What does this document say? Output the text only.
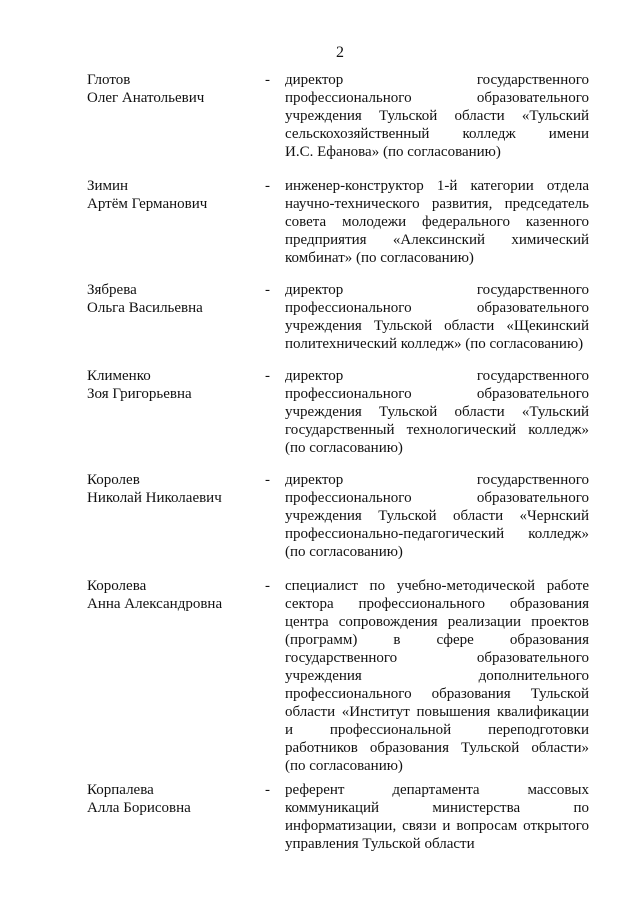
2
Глотов
Олег Анатольевич
- директор государственного
профессионального образовательного
учреждения Тульской области «Тульский
сельскохозяйственный колледж имени
И.С. Ефанова» (по согласованию)
Зимин
Артём Германович
- инженер-конструктор 1-й категории отдела
научно-технического развития, председатель
совета молодежи федерального казенного
предприятия «Алексинский химический
комбинат» (по согласованию)
Зябрева
Ольга Васильевна
- директор государственного
профессионального образовательного
учреждения Тульской области «Щекинский
политехнический колледж» (по согласованию)
Клименко
Зоя Григорьевна
- директор государственного
профессионального образовательного
учреждения Тульской области «Тульский
государственный технологический колледж»
(по согласованию)
Королев
Николай Николаевич
- директор государственного
профессионального образовательного
учреждения Тульской области «Чернский
профессионально-педагогический колледж»
(по согласованию)
Королева
Анна Александровна
- специалист по учебно-методической работе
сектора профессионального образования
центра сопровождения реализации проектов
(программ) в сфере образования
государственного образовательного
учреждения дополнительного
профессионального образования Тульской
области «Институт повышения квалификации
и профессиональной переподготовки
работников образования Тульской области»
(по согласованию)
Корпалева
Алла Борисовна
- референт департамента массовых
коммуникаций министерства по
информатизации, связи и вопросам открытого
управления Тульской области
